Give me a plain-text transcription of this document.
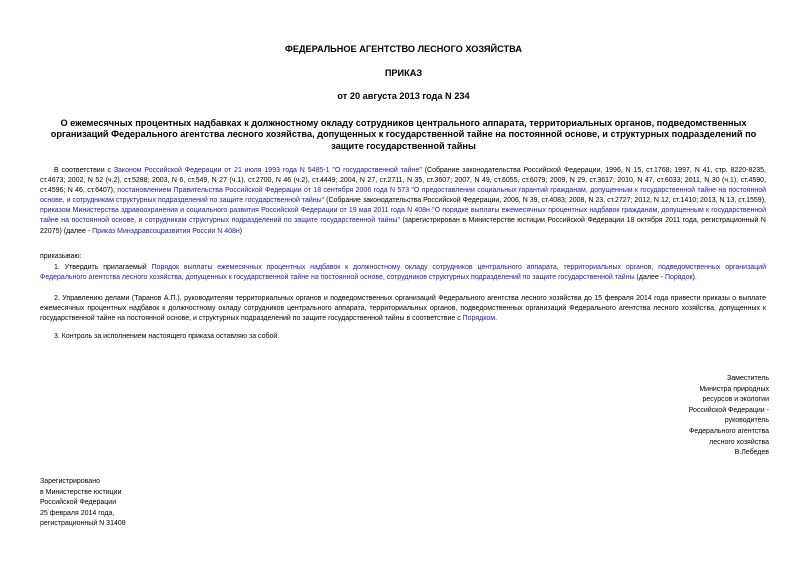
ФЕДЕРАЛЬНОЕ АГЕНТСТВО ЛЕСНОГО ХОЗЯЙСТВА
ПРИКАЗ
от 20 августа 2013 года N 234
О ежемесячных процентных надбавках к должностному окладу сотрудников центрального аппарата, территориальных органов, подведомственных организаций Федерального агентства лесного хозяйства, допущенных к государственной тайне на постоянной основе, и структурных подразделений по защите государственной тайны
В соответствии с Законом Российской Федерации от 21 июля 1993 года N 5485-1 "О государственной тайне" (Собрание законодательства Российской Федерации, 1996, N 15, ст.1768; 1997, N 41, стр. 8220-8235, ст.4673; 2002, N 52 (ч.2), ст.5288; 2003, N 6, ст.549, N 27 (ч.1), ст.2700, N 46 (ч.2), ст.4449; 2004, N 27, ст.2711, N 35, ст.3607; 2007, N 49, ст.6055, ст.6079; 2009, N 29, ст.3617; 2010, N 47, ст.6033; 2011, N 30 (ч.1), ст.4590, ст.4596; N 46, ст.6407), постановлением Правительства Российской Федерации от 18 сентября 2006 года N 573 "О предоставлении социальных гарантий гражданам, допущенным к государственной тайне на постоянной основе, и сотрудникам структурных подразделений по защите государственной тайны" (Собрание законодательства Российской Федерации, 2006, N 39, ст.4083; 2008, N 23, ст.2727; 2012, N 12, ст.1410; 2013, N 13, ст.1559), приказом Министерства здравоохранения и социального развития Российской Федерации от 19 мая 2011 года N 408н "О порядке выплаты ежемесячных процентных надбавок гражданам, допущенным к государственной тайне на постоянной основе, и сотрудникам структурных подразделений по защите государственной тайны" (зарегистрирован в Министерстве юстиции Российской Федерации 18 октября 2011 года, регистрационный N 22075) (далее - Приказ Минздравсоцразвития России N 408н)
приказываю:
1. Утвердить прилагаемый Порядок выплаты ежемесячных процентных надбавок к должностному окладу сотрудников центрального аппарата, территориальных органов, подведомственных организаций Федерального агентства лесного хозяйства, допущенных к государственной тайне на постоянной основе, сотрудников структурных подразделений по защите государственной тайны (далее - Порядок).
2. Управлению делами (Таранов А.П.), руководителям территориальных органов и подведомственных организаций Федерального агентства лесного хозяйства до 15 февраля 2014 года привести приказы о выплате ежемесячных процентных надбавок к должностному окладу сотрудников центрального аппарата, территориальных органов, подведомственных организаций Федерального агентства лесного хозяйства, допущенных к государственной тайне на постоянной основе, и структурных подразделений по защите государственной тайны в соответствие с Порядком.
3. Контроль за исполнением настоящего приказа оставляю за собой.
Заместитель
Министра природных
ресурсов и экологии
Российской Федерации -
руководитель
Федерального агентства
лесного хозяйства
В.Лебедев
Зарегистрировано
в Министерстве юстиции
Российской Федерации
25 февраля 2014 года,
регистрационный N 31408
